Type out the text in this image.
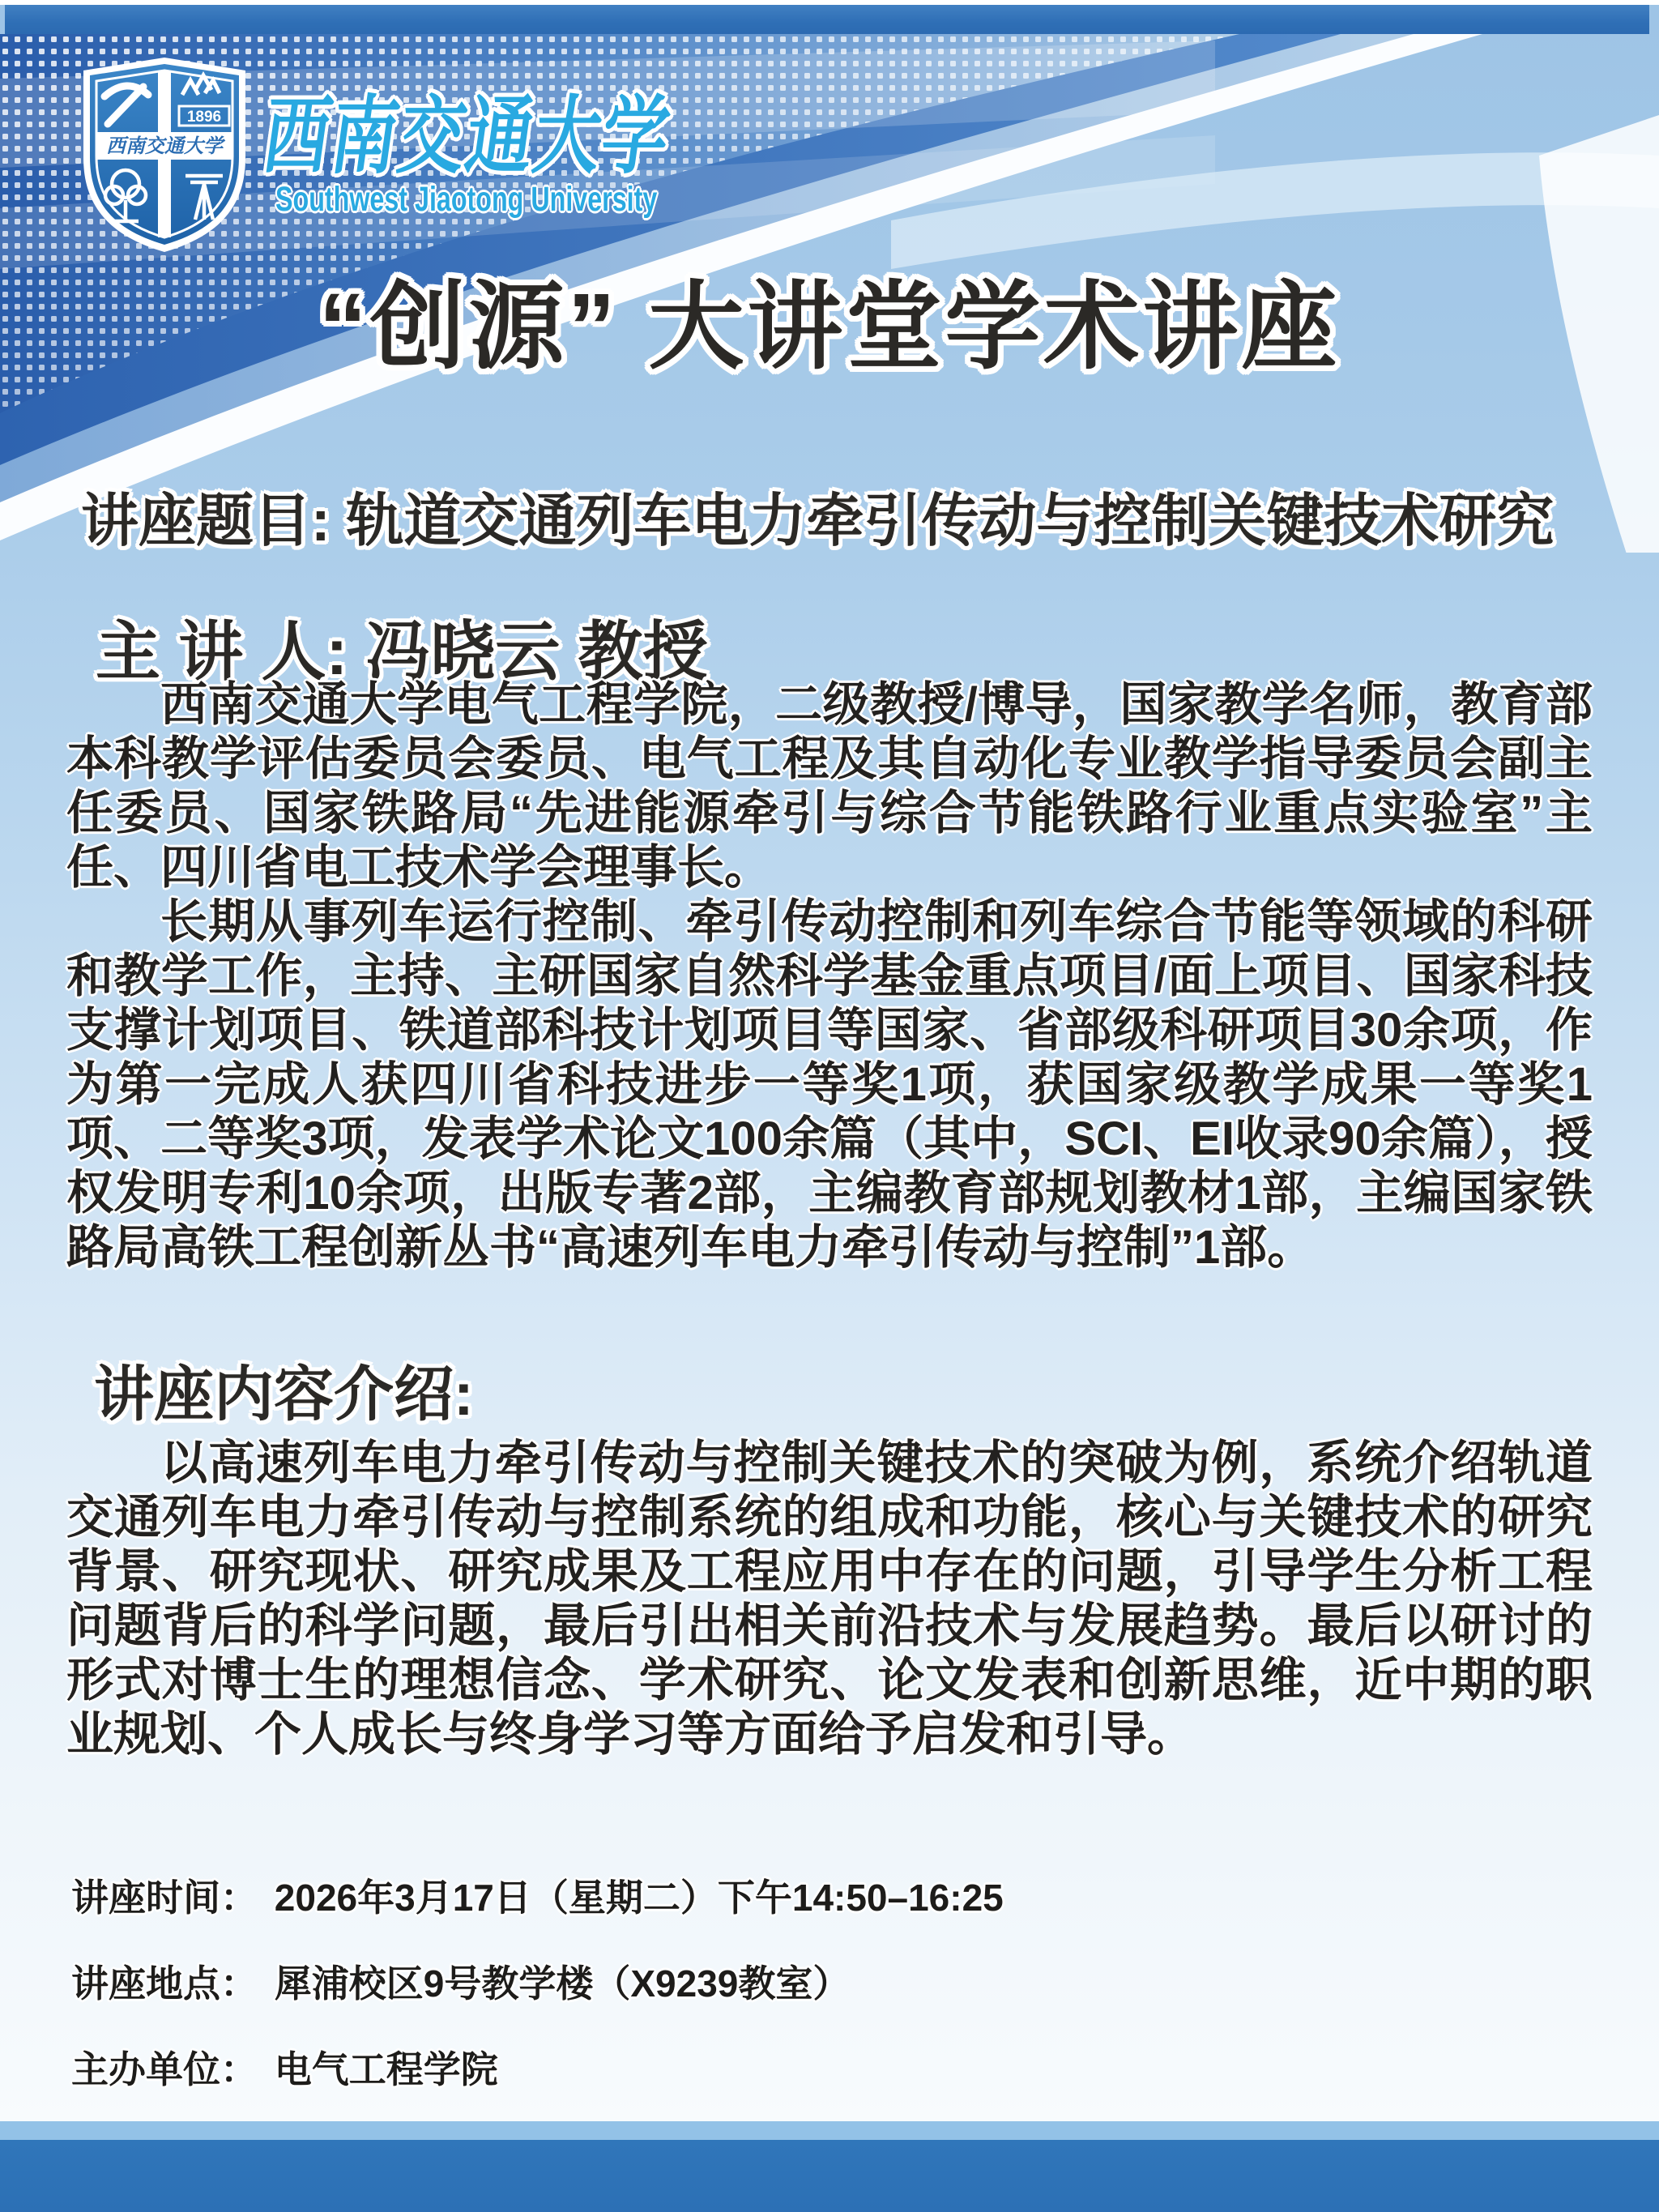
1896
西南交通大学 西南交通大学
Southwest Jiaotong University
“创源” 大讲堂学术讲座
讲座题目: 轨道交通列车电力牵引传动与控制关键技术研究
主 讲 人: 冯晓云 教授

西南交通大学电气工程学院，二级教授/博导，国家教学名师，教育部本科教学评估委员会委员、电气工程及其自动化专业教学指导委员会副主任委员、国家铁路局“先进能源牵引与综合节能铁路行业重点实验室”主任、四川省电工技术学会理事长。

长期从事列车运行控制、牵引传动控制和列车综合节能等领域的科研和教学工作，主持、主研国家自然科学基金重点项目/面上项目、国家科技支撑计划项目、铁道部科技计划项目等国家、省部级科研项目30余项，作为第一完成人获四川省科技进步一等奖1项，获国家级教学成果一等奖1项、二等奖3项，发表学术论文100余篇（其中，SCI、EI收录90余篇），授权发明专利10余项，出版专著2部，主编教育部规划教材1部，主编国家铁路局高铁工程创新丛书“高速列车电力牵引传动与控制”1部。

讲座内容介绍:

以高速列车电力牵引传动与控制关键技术的突破为例，系统介绍轨道交通列车电力牵引传动与控制系统的组成和功能，核心与关键技术的研究背景、研究现状、研究成果及工程应用中存在的问题，引导学生分析工程问题背后的科学问题，最后引出相关前沿技术与发展趋势。最后以研讨的形式对博士生的理想信念、学术研究、论文发表和创新思维，近中期的职业规划、个人成长与终身学习等方面给予启发和引导。

讲座时间： 2026年3月17日（星期二）下午14:50–16:25
讲座地点： 犀浦校区9号教学楼（X9239教室）
主办单位： 电气工程学院
